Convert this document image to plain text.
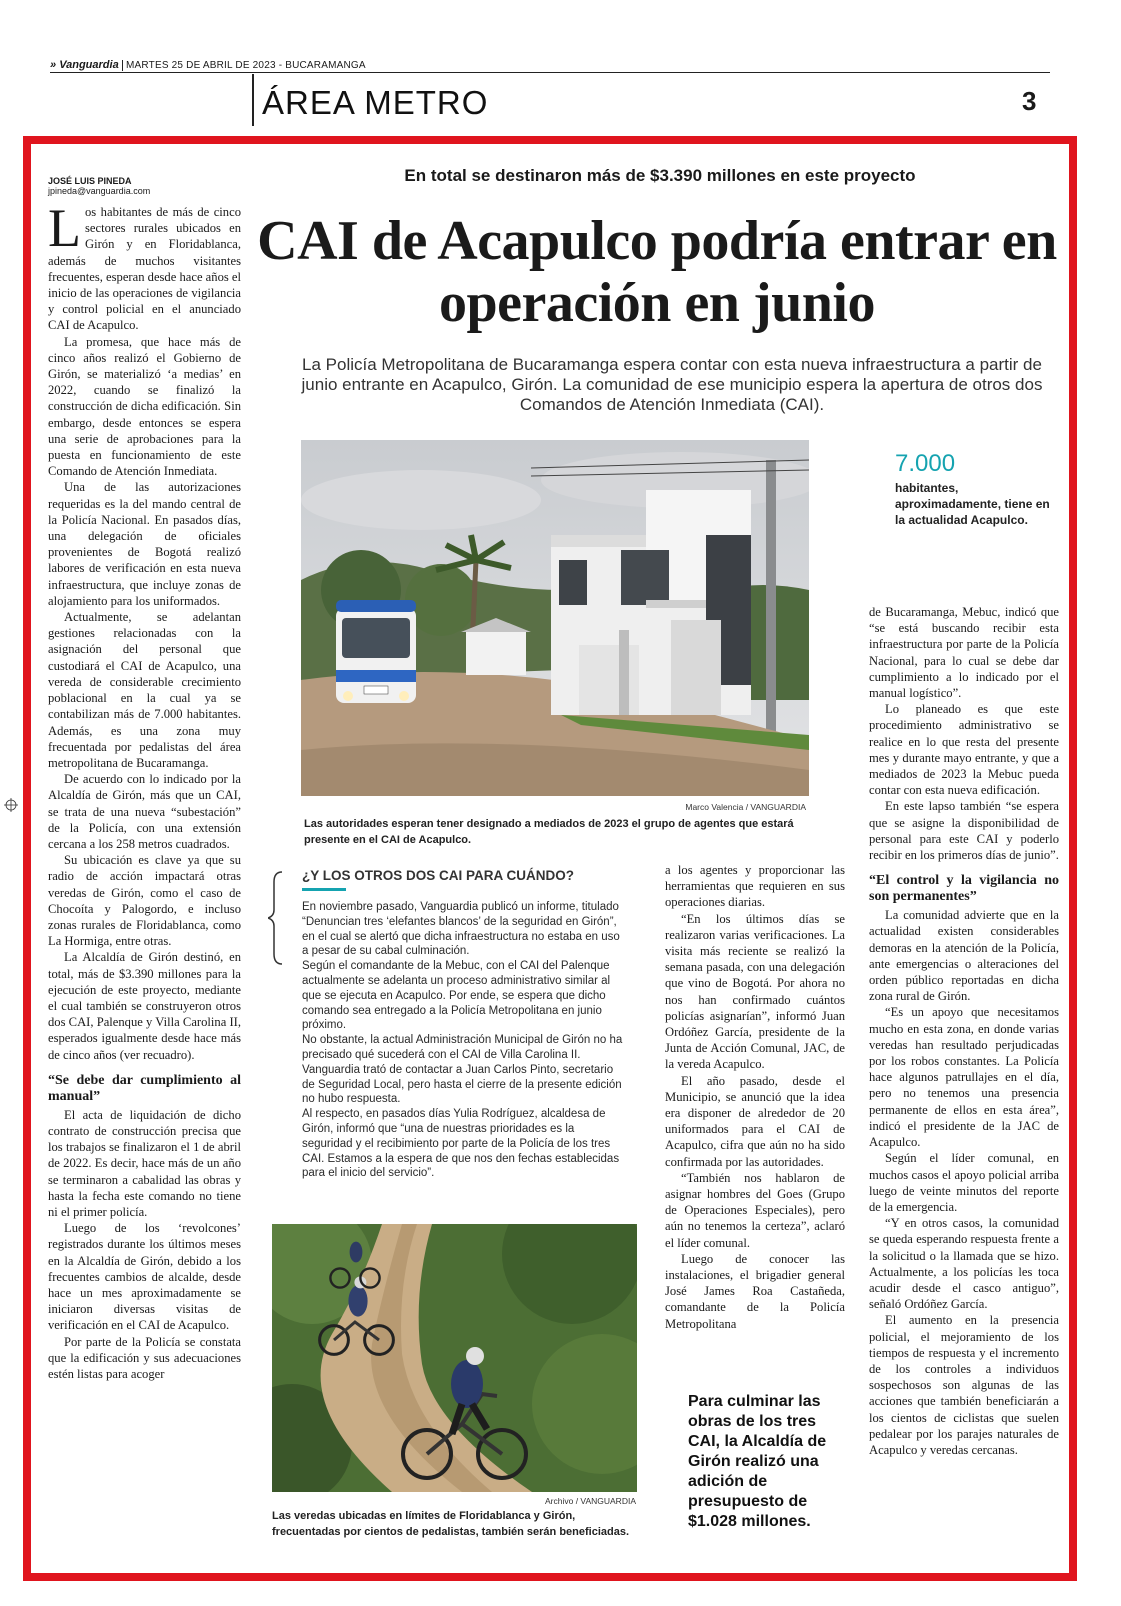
» Vanguardia MARTES 25 DE ABRIL DE 2023 - BUCARAMANGA
ÁREA METRO	3
JOSÉ LUIS PINEDA
jpineda@vanguardia.com
En total se destinaron más de $3.390 millones en este proyecto
CAI de Acapulco podría entrar en operación en junio
La Policía Metropolitana de Bucaramanga espera contar con esta nueva infraestructura a partir de junio entrante en Acapulco, Girón. La comunidad de ese municipio espera la apertura de otros dos Comandos de Atención Inmediata (CAI).

Los habitantes de más de cinco sectores rurales ubicados en Girón y en Floridablanca, además de muchos visitantes frecuentes, esperan desde hace años el inicio de las operaciones de vigilancia y control policial en el anunciado CAI de Acapulco.

La promesa, que hace más de cinco años realizó el Gobierno de Girón, se materializó ‘a medias’ en 2022, cuando se finalizó la construcción de dicha edificación. Sin embargo, desde entonces se espera una serie de aprobaciones para la puesta en funcionamiento de este Comando de Atención Inmediata.

Una de las autorizaciones requeridas es la del mando central de la Policía Nacional. En pasados días, una delegación de oficiales provenientes de Bogotá realizó labores de verificación en esta nueva infraestructura, que incluye zonas de alojamiento para los uniformados.

Actualmente, se adelantan gestiones relacionadas con la asignación del personal que custodiará el CAI de Acapulco, una vereda de considerable crecimiento poblacional en la cual ya se contabilizan más de 7.000 habitantes. Además, es una zona muy frecuentada por pedalistas del área metropolitana de Bucaramanga.

De acuerdo con lo indicado por la Alcaldía de Girón, más que un CAI, se trata de una nueva “subestación” de la Policía, con una extensión cercana a los 258 metros cuadrados.

Su ubicación es clave ya que su radio de acción impactará otras veredas de Girón, como el caso de Chocoíta y Palogordo, e incluso zonas rurales de Floridablanca, como La Hormiga, entre otras.

La Alcaldía de Girón destinó, en total, más de $3.390 millones para la ejecución de este proyecto, mediante el cual también se construyeron otros dos CAI, Palenque y Villa Carolina II, esperados igualmente desde hace más de cinco años (ver recuadro).

“Se debe dar cumplimiento al manual”

El acta de liquidación de dicho contrato de construcción precisa que los trabajos se finalizaron el 1 de abril de 2022. Es decir, hace más de un año se terminaron a cabalidad las obras y hasta la fecha este comando no tiene ni el primer policía.

Luego de los ‘revolcones’ registrados durante los últimos meses en la Alcaldía de Girón, debido a los frecuentes cambios de alcalde, desde hace un mes aproximadamente se iniciaron diversas visitas de verificación en el CAI de Acapulco.

Por parte de la Policía se constata que la edificación y sus adecuaciones estén listas para acoger

Marco Valencia / VANGUARDIA
Las autoridades esperan tener designado a mediados de 2023 el grupo de agentes que estará presente en el CAI de Acapulco.
7.000
habitantes, aproximadamente, tiene en la actualidad Acapulco.

de Bucaramanga, Mebuc, indicó que “se está buscando recibir esta infraestructura por parte de la Policía Nacional, para lo cual se debe dar cumplimiento a lo indicado por el manual logístico”.

Lo planeado es que este procedimiento administrativo se realice en lo que resta del presente mes y durante mayo entrante, y que a mediados de 2023 la Mebuc pueda contar con esta nueva edificación.

En este lapso también “se espera que se asigne la disponibilidad de personal para este CAI y poderlo recibir en los primeros días de junio”.

“El control y la vigilancia no son permanentes”

La comunidad advierte que en la actualidad existen considerables demoras en la atención de la Policía, ante emergencias o alteraciones del orden público reportadas en dicha zona rural de Girón.

“Es un apoyo que necesitamos mucho en esta zona, en donde varias veredas han resultado perjudicadas por los robos constantes. La Policía hace algunos patrullajes en el día, pero no tenemos una presencia permanente de ellos en esta área”, indicó el presidente de la JAC de Acapulco.

Según el líder comunal, en muchos casos el apoyo policial arriba luego de veinte minutos del reporte de la emergencia.

“Y en otros casos, la comunidad se queda esperando respuesta frente a la solicitud o la llamada que se hizo. Actualmente, a los policías les toca acudir desde el casco antiguo”, señaló Ordóñez García.

El aumento en la presencia policial, el mejoramiento de los tiempos de respuesta y el incremento de los controles a individuos sospechosos son algunas de las acciones que también beneficiarán a los cientos de ciclistas que suelen pedalear por los parajes naturales de Acapulco y veredas cercanas.

¿Y LOS OTROS DOS CAI PARA CUÁNDO?

En noviembre pasado, Vanguardia publicó un informe, titulado “Denuncian tres ‘elefantes blancos’ de la seguridad en Girón”, en el cual se alertó que dicha infraestructura no estaba en uso a pesar de su cabal culminación.

Según el comandante de la Mebuc, con el CAI del Palenque actualmente se adelanta un proceso administrativo similar al que se ejecuta en Acapulco. Por ende, se espera que dicho comando sea entregado a la Policía Metropolitana en junio próximo.

No obstante, la actual Administración Municipal de Girón no ha precisado qué sucederá con el CAI de Villa Carolina II. Vanguardia trató de contactar a Juan Carlos Pinto, secretario de Seguridad Local, pero hasta el cierre de la presente edición no hubo respuesta.

Al respecto, en pasados días Yulia Rodríguez, alcaldesa de Girón, informó que “una de nuestras prioridades es la seguridad y el recibimiento por parte de la Policía de los tres CAI. Estamos a la espera de que nos den fechas establecidas para el inicio del servicio”.

a los agentes y proporcionar las herramientas que requieren en sus operaciones diarias.

“En los últimos días se realizaron varias verificaciones. La visita más reciente se realizó la semana pasada, con una delegación que vino de Bogotá. Por ahora no nos han confirmado cuántos policías asignarían”, informó Juan Ordóñez García, presidente de la Junta de Acción Comunal, JAC, de la vereda Acapulco.

El año pasado, desde el Municipio, se anunció que la idea era disponer de alrededor de 20 uniformados para el CAI de Acapulco, cifra que aún no ha sido confirmada por las autoridades.

“También nos hablaron de asignar hombres del Goes (Grupo de Operaciones Especiales), pero aún no tenemos la certeza”, aclaró el líder comunal.

Luego de conocer las instalaciones, el brigadier general José James Roa Castañeda, comandante de la Policía Metropolitana

Archivo / VANGUARDIA
Las veredas ubicadas en límites de Floridablanca y Girón, frecuentadas por cientos de pedalistas, también serán beneficiadas.
Para culminar las obras de los tres CAI, la Alcaldía de Girón realizó una adición de presupuesto de $1.028 millones.
